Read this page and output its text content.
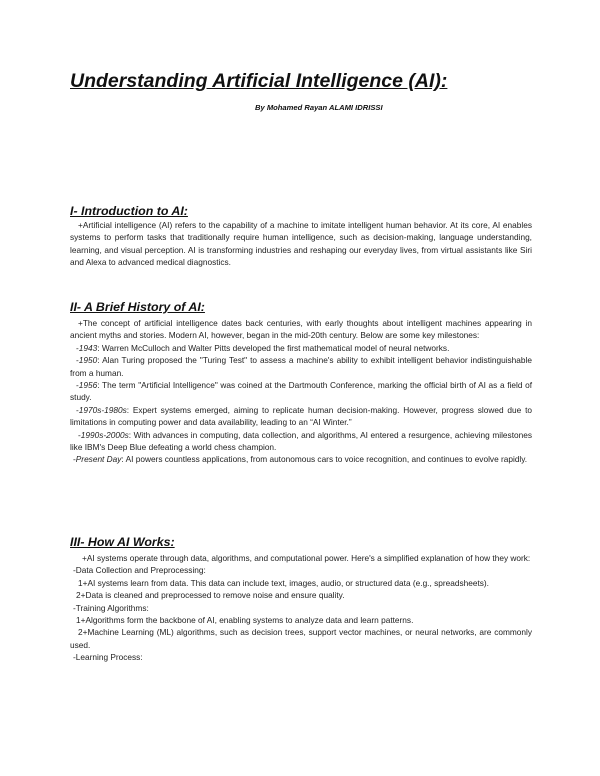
Understanding Artificial Intelligence (AI):
By Mohamed Rayan ALAMI IDRISSI
I- Introduction to AI:

+Artificial intelligence (AI) refers to the capability of a machine to imitate intelligent human behavior. At its core, AI enables systems to perform tasks that traditionally require human intelligence, such as decision-making, language understanding, learning, and visual perception. AI is transforming industries and reshaping our everyday lives, from virtual assistants like Siri and Alexa to advanced medical diagnostics.

II- A Brief History of AI:

+The concept of artificial intelligence dates back centuries, with early thoughts about intelligent machines appearing in ancient myths and stories. Modern AI, however, began in the mid-20th century. Below are some key milestones:

-1943: Warren McCulloch and Walter Pitts developed the first mathematical model of neural networks.

-1950: Alan Turing proposed the "Turing Test" to assess a machine's ability to exhibit intelligent behavior indistinguishable from a human.

-1956: The term "Artificial Intelligence" was coined at the Dartmouth Conference, marking the official birth of AI as a field of study.

-1970s-1980s: Expert systems emerged, aiming to replicate human decision-making. However, progress slowed due to limitations in computing power and data availability, leading to an “AI Winter.”

-1990s-2000s: With advances in computing, data collection, and algorithms, AI entered a resurgence, achieving milestones like IBM's Deep Blue defeating a world chess champion.

-Present Day: AI powers countless applications, from autonomous cars to voice recognition, and continues to evolve rapidly.

III- How AI Works:

+AI systems operate through data, algorithms, and computational power. Here's a simplified explanation of how they work:

-Data Collection and Preprocessing:

1+AI systems learn from data. This data can include text, images, audio, or structured data (e.g., spreadsheets).

2+Data is cleaned and preprocessed to remove noise and ensure quality.

-Training Algorithms:

1+Algorithms form the backbone of AI, enabling systems to analyze data and learn patterns.

2+Machine Learning (ML) algorithms, such as decision trees, support vector machines, or neural networks, are commonly used.

-Learning Process:
